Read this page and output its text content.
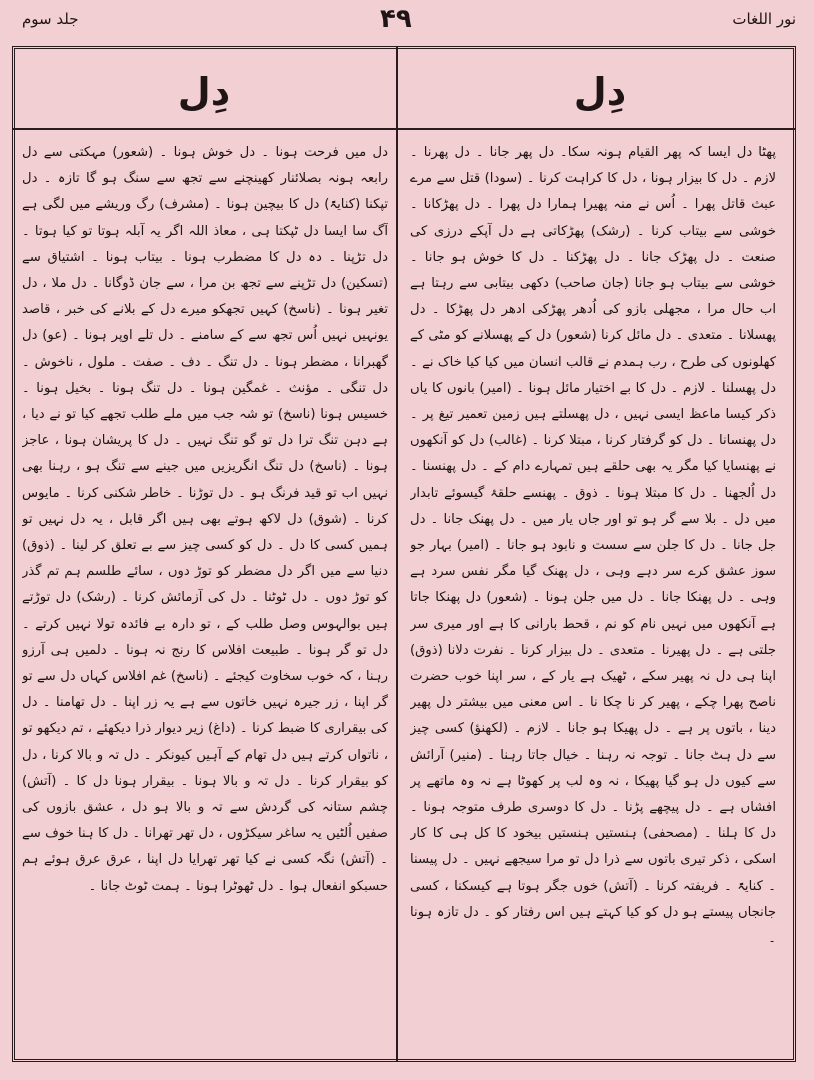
نور اللغات
۴۹
جلد سوم
دِل
دِل

پھٹا دل ایسا کہ پھر القیام ہونہ سکا۔ دل پھر جانا ۔ دل پھرنا ۔ لازم ۔ دل کا بیزار ہونا ، دل کا کراہت کرنا ۔ (سودا) قتل سے مرے عبث قاتل پھرا ۔ اُس نے منہ پھیرا ہمارا دل پھرا ۔ دل پھڑکانا ۔ خوشی سے بیتاب کرنا ۔ (رشک) پھڑکاتی ہے دل آپکے درزی کی صنعت ۔ دل پھڑک جانا ۔ دل پھڑکنا ۔ دل کا خوش ہو جانا ۔ خوشی سے بیتاب ہو جانا (جان صاحب) دکھی بیتابی سے رہتا ہے اب حال مرا ، مجھلی بازو کی اُدھر پھڑکی ادھر دل پھڑکا ۔ دل پھسلانا ۔ متعدی ۔ دل مائل کرنا (شعور) دل کے پھسلانے کو مٹی کے کھلونوں کی طرح ، رب ہمدم نے قالب انسان میں کیا کیا خاک نے ۔ دل پھسلنا ۔ لازم ۔ دل کا بے اختیار مائل ہونا ۔ (امیر) بانوں کا یاں ذکر کیسا ماعظ ایسی نہیں ، دل پھسلتے ہیں زمین تعمیر تیغ پر ۔ دل پھنسانا ۔ دل کو گرفتار کرنا ، مبتلا کرنا ۔ (غالب) دل کو آنکھوں نے پھنسایا کیا مگر یہ بھی حلقے ہیں تمہارے دام کے ۔ دل پھنسنا ۔ دل اُلجھنا ۔ دل کا مبتلا ہونا ۔ ذوق ۔ پھنسے حلقۂ گیسوئے تابدار میں دل ۔ بلا سے گر ہو تو اور جاں یار میں ۔ دل پھنک جانا ۔ دل جل جانا ۔ دل کا جلن سے سست و نابود ہو جانا ۔ (امیر) بہار جو سوز عشق کرے سر دہے وہی ، دل پھنک گیا مگر نفس سرد ہے وہی ۔ دل پھنکا جانا ۔ دل میں جلن ہونا ۔ (شعور) دل پھنکا جاتا ہے آنکھوں میں نہیں نام کو نم ، قحط بارانی کا ہے اور میری سر جلتی ہے ۔ دل پھیرنا ۔ متعدی ۔ دل بیزار کرنا ۔ نفرت دلانا (ذوق) اپنا ہی دل نہ پھیر سکے ، ٹھیک ہے یار کے ، سر اپنا خوب حضرت ناصح پھرا چکے ، پھیر کر نا چکا نا ۔ اس معنی میں بیشتر دل پھیر دینا ، باتوں پر ہے ۔ دل پھیکا ہو جانا ۔ لازم ۔ (لکھنؤ) کسی چیز سے دل ہٹ جانا ۔ توجہ نہ رہنا ۔ خیال جاتا رہنا ۔ (منیر) آرائش سے کیوں دل ہو گیا پھیکا ، نہ وہ لب پر کھوٹا ہے نہ وہ ماتھے پر افشاں ہے ۔ دل پیچھے پڑنا ۔ دل کا دوسری طرف متوجہ ہونا ۔ دل کا ہلنا ۔ (مصحفی) ہنستیں ہنستیں بیخود کا کل ہی کا کار اسکی ، ذکر تیری باتوں سے ذرا دل تو مرا سیجھے نہیں ۔ دل پیسنا ۔ کنایۃً ۔ فریفتہ کرنا ۔ (آتش) خوں جگر ہوتا ہے کیسکنا ، کسی جانجاں پیستے ہو دل کو کیا کہتے ہیں اس رفتار کو ۔ دل تازہ ہونا ۔

دل میں فرحت ہونا ۔ دل خوش ہونا ۔ (شعور) مہکتی سے دل رابعہ ہونہ بصلائنار کھینچنے سے تجھ سے سنگ ہو گا تازہ ۔ دل تپکنا (کنایۃً) دل کا بیچین ہونا ۔ (مشرف) رگ وریشے میں لگی ہے آگ سا ایسا دل ٹپکتا ہی ، معاذ اللہ اگر یہ آبلہ ہوتا تو کیا ہوتا ۔ دل تڑپنا ۔ دہ دل کا مضطرب ہونا ۔ بیتاب ہونا ۔ اشتیاق سے (تسکین) دل تڑپنے سے تجھ بن مرا ، سے جان ڈوگانا ۔ دل ملا ، دل تغیر ہونا ۔ (ناسخ) کہیں تجھکو میرے دل کے بلانے کی خبر ، قاصد یونہیں نہیں اُس تجھ سے کے سامنے ۔ دل تلے اوپر ہونا ۔ (عو) دل گھبرانا ، مضطر ہونا ۔ دل تنگ ۔ دف ۔ صفت ۔ ملول ، ناخوش ۔ دل تنگی ۔ مؤنث ۔ غمگین ہونا ۔ دل تنگ ہونا ۔ بخیل ہونا ۔ خسیس ہونا (ناسخ) تو شہ جب میں ملے طلب تجھے کیا تو نے دیا ، ہے دہن تنگ ترا دل تو گو تنگ نہیں ۔ دل کا پریشان ہونا ، عاجز ہونا ۔ (ناسخ) دل تنگ انگریزیں میں جینے سے تنگ ہو ، رہنا بھی نہیں اب تو قید فرنگ ہو ۔ دل توڑنا ۔ خاطر شکنی کرنا ۔ مایوس کرنا ۔ (شوق) دل لاکھ ہوتے بھی ہیں اگر قابل ، یہ دل نہیں تو ہمیں کسی کا دل ۔ دل کو کسی چیز سے بے تعلق کر لینا ۔ (ذوق) دنیا سے میں اگر دل مضطر کو توڑ دوں ، سائے طلسم ہم تم گذر کو توڑ دوں ۔ دل ٹوٹنا ۔ دل کی آزمائش کرنا ۔ (رشک) دل توڑتے ہیں بوالہوس وصل طلب کے ، تو دارہ بے فائدہ تولا نہیں کرتے ۔ دل تو گر ہونا ۔ طبیعت افلاس کا رنج نہ ہونا ۔ دلمیں ہی آرزو رہنا ، کہ خوب سخاوت کیجئے ۔ (ناسخ) غم افلاس کہاں دل سے تو گر اپنا ، زر جیرہ نہیں خاتوں سے ہے یہ زر اپنا ۔ دل تھامنا ۔ دل کی بیقراری کا ضبط کرنا ۔ (داغ) زیر دیوار ذرا دیکھئے ، تم دیکھو تو ، ناتواں کرتے ہیں دل تھام کے آہیں کیونکر ۔ دل تہ و بالا کرنا ، دل کو بیقرار کرنا ۔ دل تہ و بالا ہونا ۔ بیقرار ہونا دل کا ۔ (آتش) چشم ستانہ کی گردش سے تہ و بالا ہو دل ، عشق بازوں کی صفیں اُلٹیں یہ ساغر سیکڑوں ، دل تھر تھرانا ۔ دل کا ہنا خوف سے ۔ (آتش) نگہ کسی نے کیا تھر تھرایا دل اپنا ، عرق عرق ہوئے ہم حسبکو انفعال ہوا ۔ دل ٹھوٹرا ہونا ۔ ہمت ٹوٹ جانا ۔
